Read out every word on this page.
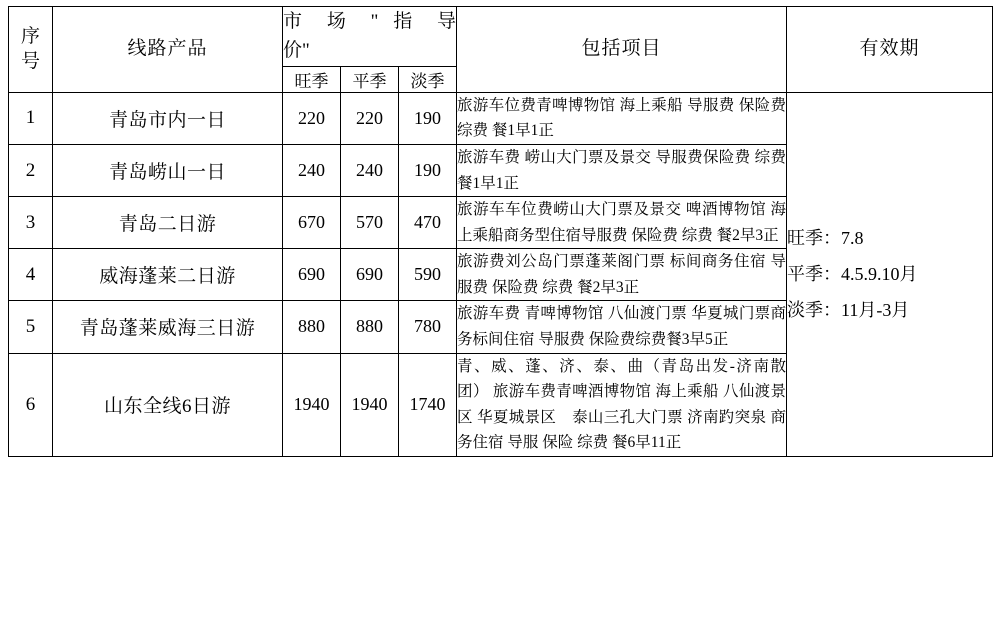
序
号
	线路产品	
市 场 " 指 导
价"	包括项目	有效期
		旺季	平季	淡季		
1	青岛市内一日	220	220	190	旅游车位费青啤博物馆 海上乘船 导服费 保险费 综费 餐1早1正	旺季：7.8
平季：4.5.9.10月
淡季：11月-3月

2	青岛崂山一日	240	240	190	旅游车费 崂山大门票及景交 导服费保险费 综费 餐1早1正	
3	青岛二日游	670	570	470	旅游车车位费崂山大门票及景交 啤酒博物馆 海上乘船商务型住宿导服费 保险费 综费 餐2早3正	
4	威海蓬莱二日游	690	690	590	旅游费刘公岛门票蓬莱阁门票 标间商务住宿 导服费 保险费 综费 餐2早3正	
5	青岛蓬莱威海三日游	880	880	780	旅游车费 青啤博物馆 八仙渡门票 华夏城门票商务标间住宿 导服费 保险费综费餐3早5正	
6	山东全线6日游	1940	1940	1740	青、威、蓬、济、泰、曲（青岛出发-济南散团） 旅游车费青啤酒博物馆 海上乘船 八仙渡景区 华夏城景区　泰山三孔大门票 济南趵突泉 商务住宿 导服 保险 综费 餐6早11正	
